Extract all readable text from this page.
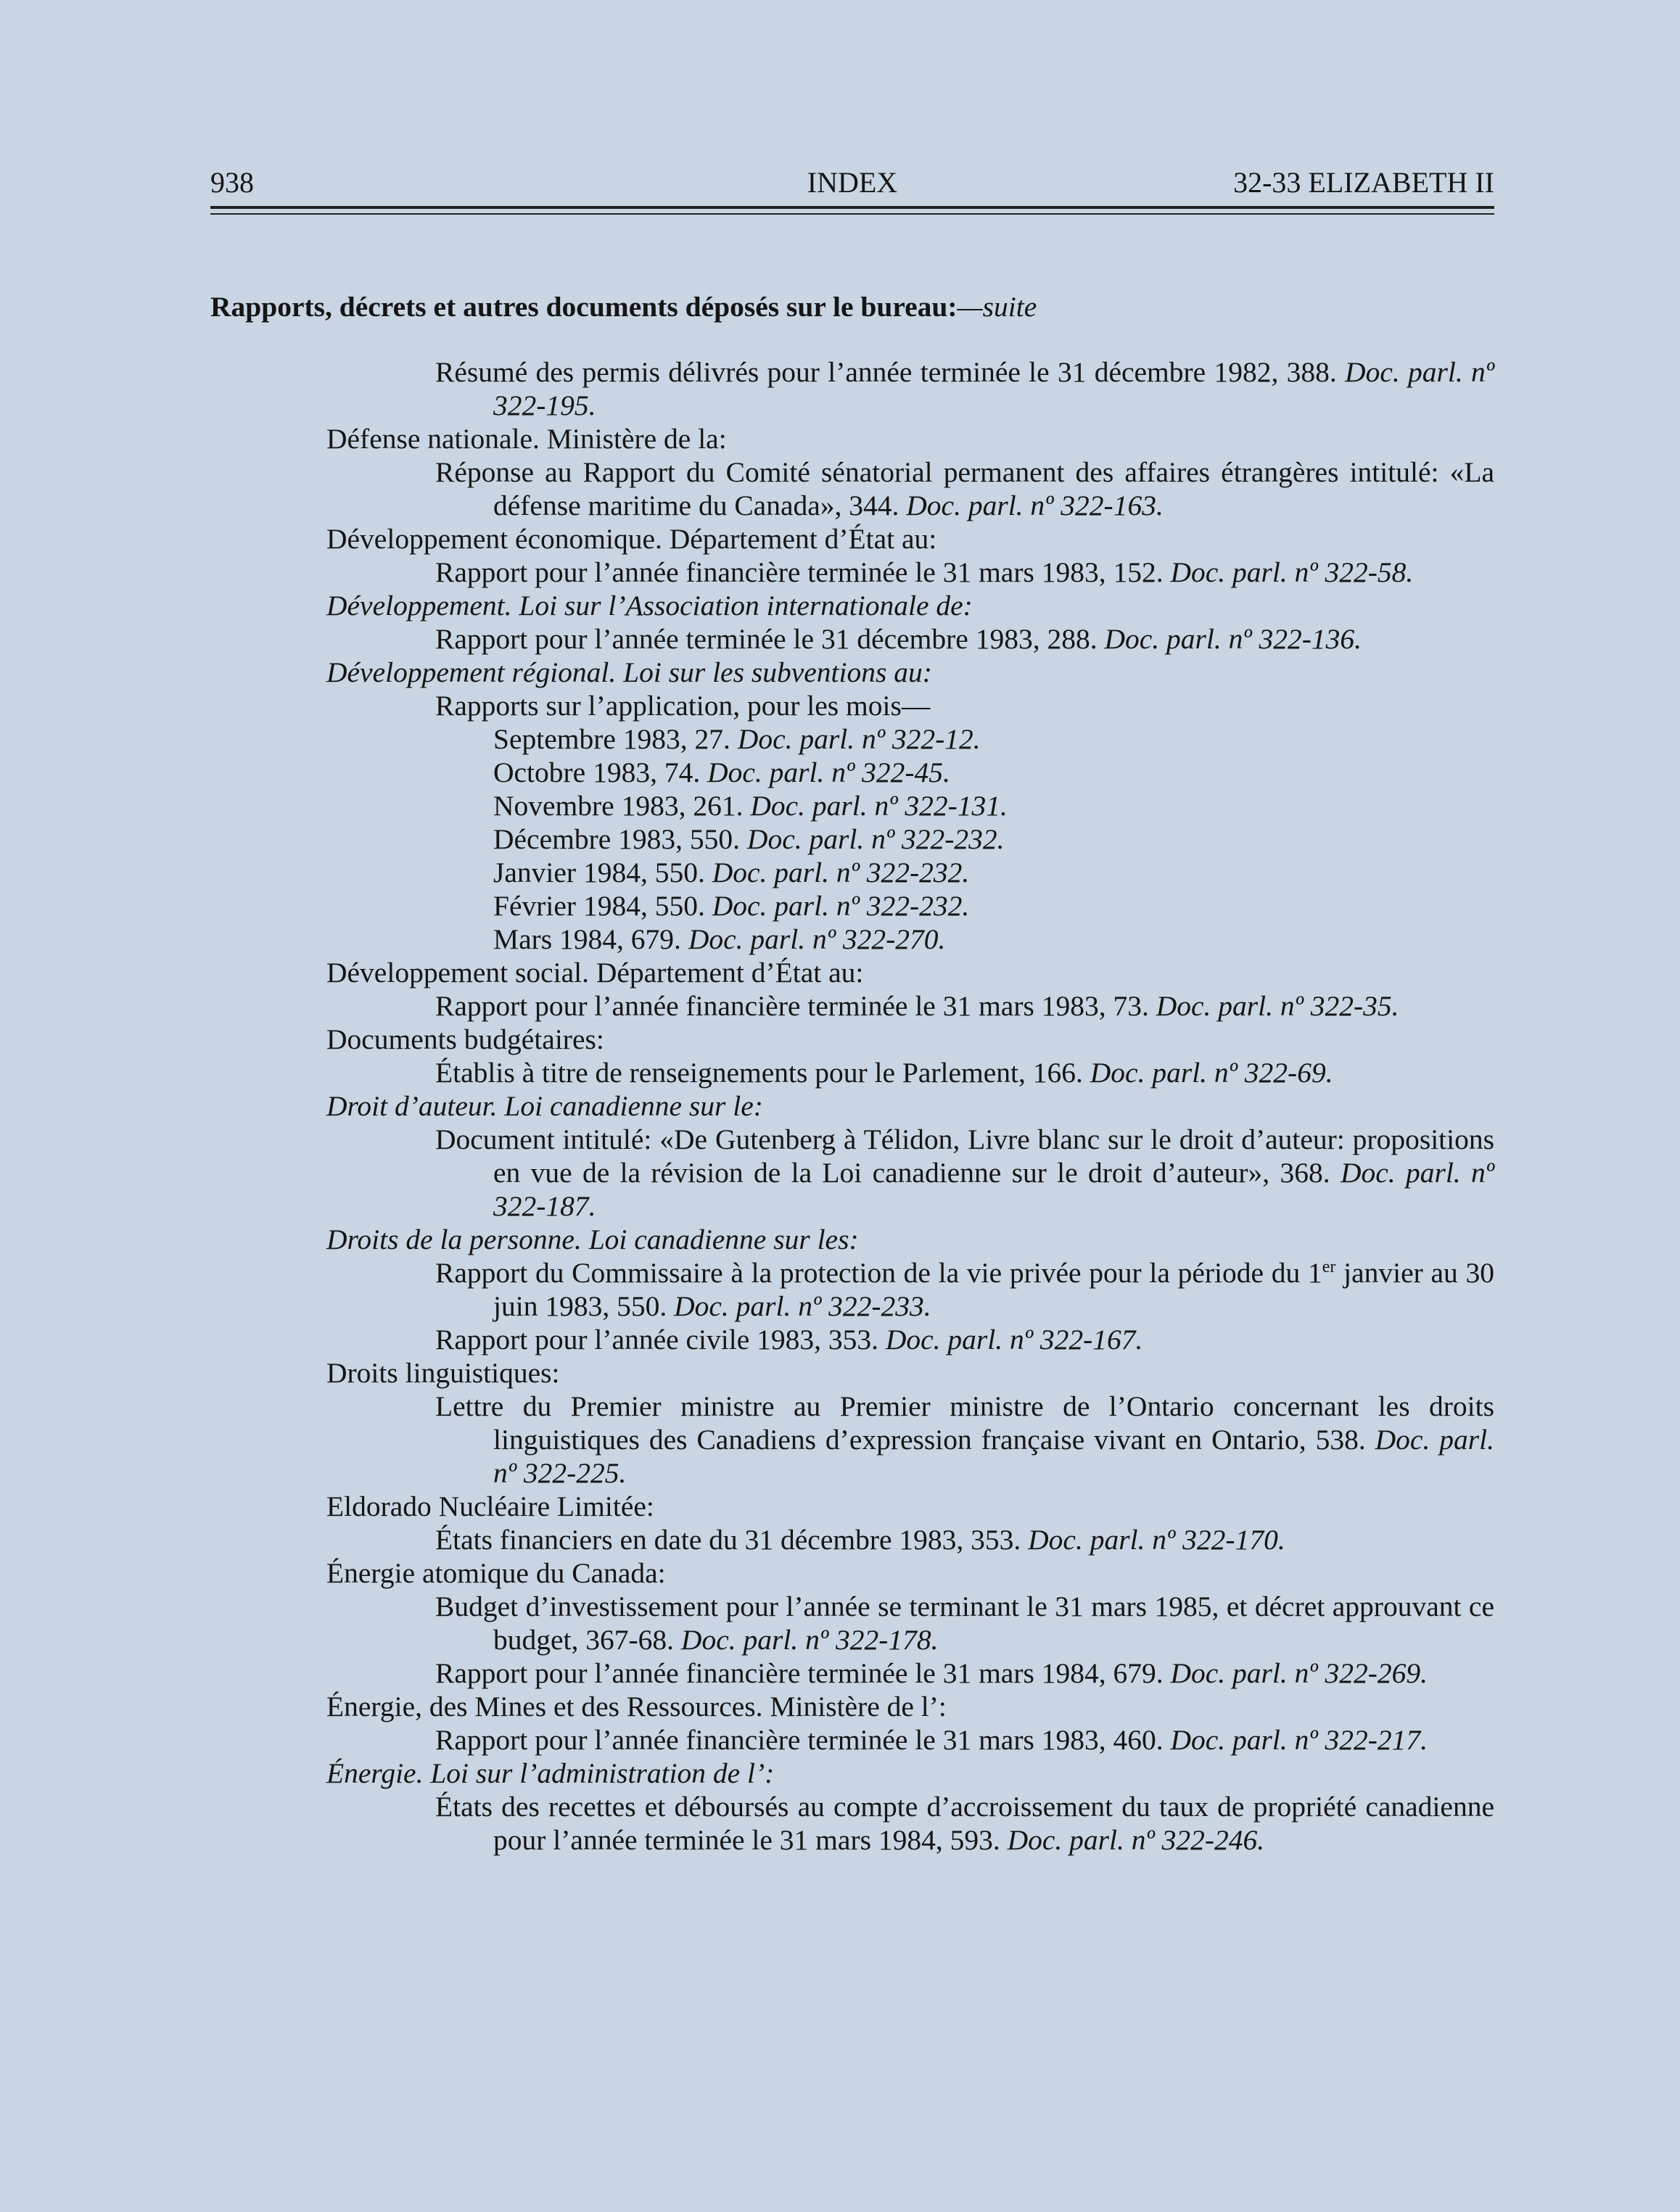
938	INDEX	32-33 ELIZABETH II

Rapports, décrets et autres documents déposés sur le bureau:—suite

Résumé des permis délivrés pour l’année terminée le 31 décembre 1982, 388. Doc. parl. nº 322-195.

Défense nationale. Ministère de la:

Réponse au Rapport du Comité sénatorial permanent des affaires étrangères intitulé: «La défense maritime du Canada», 344. Doc. parl. nº 322-163.

Développement économique. Département d’État au:

Rapport pour l’année financière terminée le 31 mars 1983, 152. Doc. parl. nº 322-58.

Développement. Loi sur l’Association internationale de:

Rapport pour l’année terminée le 31 décembre 1983, 288. Doc. parl. nº 322-136.

Développement régional. Loi sur les subventions au:

Rapports sur l’application, pour les mois—

Septembre 1983, 27. Doc. parl. nº 322-12.

Octobre 1983, 74. Doc. parl. nº 322-45.

Novembre 1983, 261. Doc. parl. nº 322-131.

Décembre 1983, 550. Doc. parl. nº 322-232.

Janvier 1984, 550. Doc. parl. nº 322-232.

Février 1984, 550. Doc. parl. nº 322-232.

Mars 1984, 679. Doc. parl. nº 322-270.

Développement social. Département d’État au:

Rapport pour l’année financière terminée le 31 mars 1983, 73. Doc. parl. nº 322-35.

Documents budgétaires:

Établis à titre de renseignements pour le Parlement, 166. Doc. parl. nº 322-69.

Droit d’auteur. Loi canadienne sur le:

Document intitulé: «De Gutenberg à Télidon, Livre blanc sur le droit d’auteur: propositions en vue de la révision de la Loi canadienne sur le droit d’auteur», 368. Doc. parl. nº 322-187.

Droits de la personne. Loi canadienne sur les:

Rapport du Commissaire à la protection de la vie privée pour la période du 1er janvier au 30 juin 1983, 550. Doc. parl. nº 322-233.

Rapport pour l’année civile 1983, 353. Doc. parl. nº 322-167.

Droits linguistiques:

Lettre du Premier ministre au Premier ministre de l’Ontario concernant les droits linguistiques des Canadiens d’expression française vivant en Ontario, 538. Doc. parl. nº 322-225.

Eldorado Nucléaire Limitée:

États financiers en date du 31 décembre 1983, 353. Doc. parl. nº 322-170.

Énergie atomique du Canada:

Budget d’investissement pour l’année se terminant le 31 mars 1985, et décret approuvant ce budget, 367-68. Doc. parl. nº 322-178.

Rapport pour l’année financière terminée le 31 mars 1984, 679. Doc. parl. nº 322-269.

Énergie, des Mines et des Ressources. Ministère de l’:

Rapport pour l’année financière terminée le 31 mars 1983, 460. Doc. parl. nº 322-217.

Énergie. Loi sur l’administration de l’:

États des recettes et déboursés au compte d’accroissement du taux de propriété canadienne pour l’année terminée le 31 mars 1984, 593. Doc. parl. nº 322-246.
